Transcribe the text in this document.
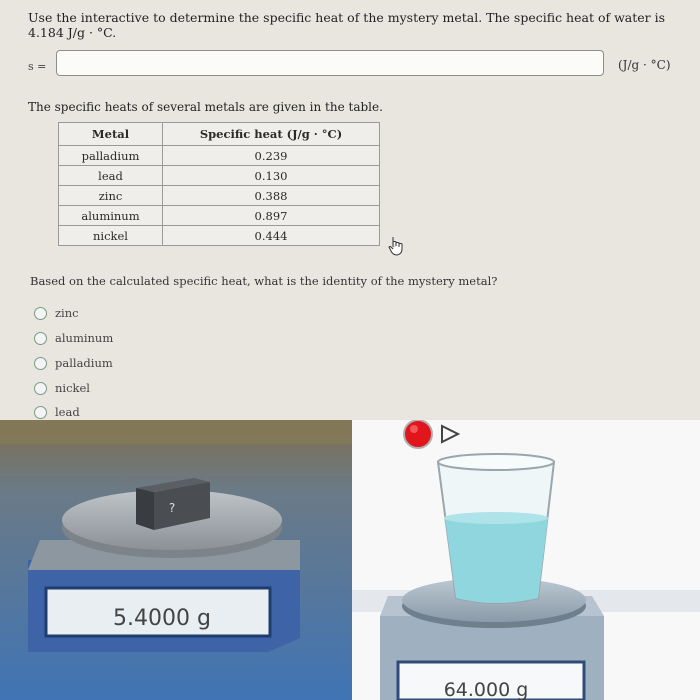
Use the interactive to determine the specific heat of the mystery metal. The specific heat of water is 4.184 J/g · °C.
s =	(J/g · °C)
The specific heats of several metals are given in the table.
Metal	Specific heat (J/g · °C)
palladium	0.239
lead	0.130
zinc	0.388
aluminum	0.897
nickel	0.444
Based on the calculated specific heat, what is the identity of the mystery metal?
zinc
aluminum
palladium
nickel
lead
5.4000 g
?
64.000 g
